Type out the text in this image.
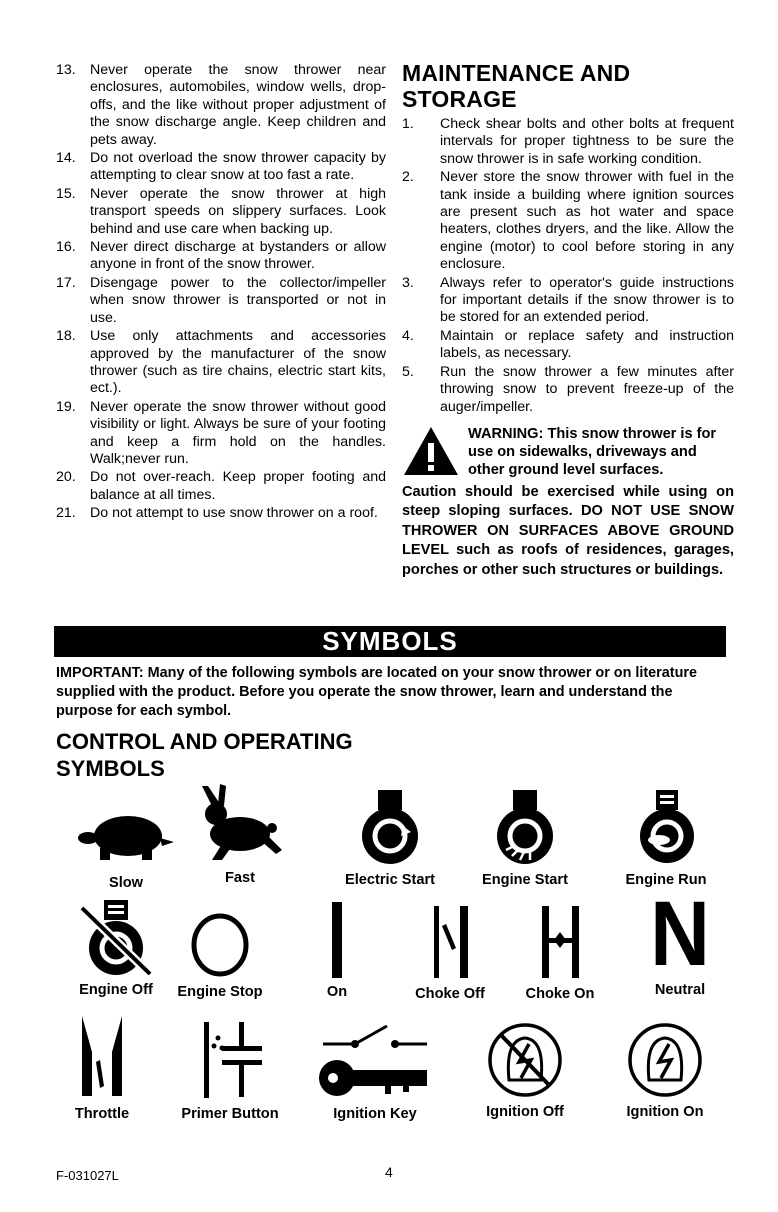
13.	Never operate the snow thrower near enclosures, automobiles, window wells, drop-offs, and the like without proper adjustment of the snow discharge angle. Keep children and pets away.
14.	Do not overload the snow thrower capacity by attempting to clear snow at too fast a rate.
15.	Never operate the snow thrower at high transport speeds on slippery surfaces. Look behind and use care when backing up.
16.	Never direct discharge at bystanders or allow anyone in front of the snow thrower.
17.	Disengage power to the collector/impeller when snow thrower is transported or not in use.
18.	Use only attachments and accessories approved by the manufacturer of the snow thrower (such as tire chains, electric start kits, ect.).
19.	Never operate the snow thrower without good visibility or light. Always be sure of your footing and keep a firm hold on the handles. Walk;never run.
20.	Do not over-reach. Keep proper footing and balance at all times.
21.	Do not attempt to use snow thrower on a roof.
MAINTENANCE AND STORAGE
1.	Check shear bolts and other bolts at frequent intervals for proper tightness to be sure the snow thrower is in safe working condition.
2.	Never store the snow thrower with fuel in the tank inside a building where ignition sources are present such as hot water and space heaters, clothes dryers, and the like. Allow the engine (motor) to cool before storing in any enclosure.
3.	Always refer to operator's guide instructions for important details if the snow thrower is to be stored for an extended period.
4.	Maintain or replace safety and instruction labels, as necessary.
5.	Run the snow thrower a few minutes after throwing snow to prevent freeze-up of the auger/impeller.
WARNING: This snow thrower is for use on sidewalks, driveways and other ground level surfaces.
Caution should be exercised while using on steep sloping surfaces. DO NOT USE SNOW THROWER ON SURFACES ABOVE GROUND LEVEL such as roofs of residences, garages, porches or other such structures or buildings.
SYMBOLS
IMPORTANT: Many of the following symbols are located on your snow thrower or on literature supplied with the product. Before you operate the snow thrower, learn and understand the purpose for each symbol.
CONTROL AND OPERATING
SYMBOLS
Slow	Fast	Electric Start	Engine Start	Engine Run
Engine Off	Engine Stop	On	Choke Off	Choke On
N
Neutral
Throttle	Primer Button	Ignition Key	Ignition Off	Ignition On
F-031027L	4
